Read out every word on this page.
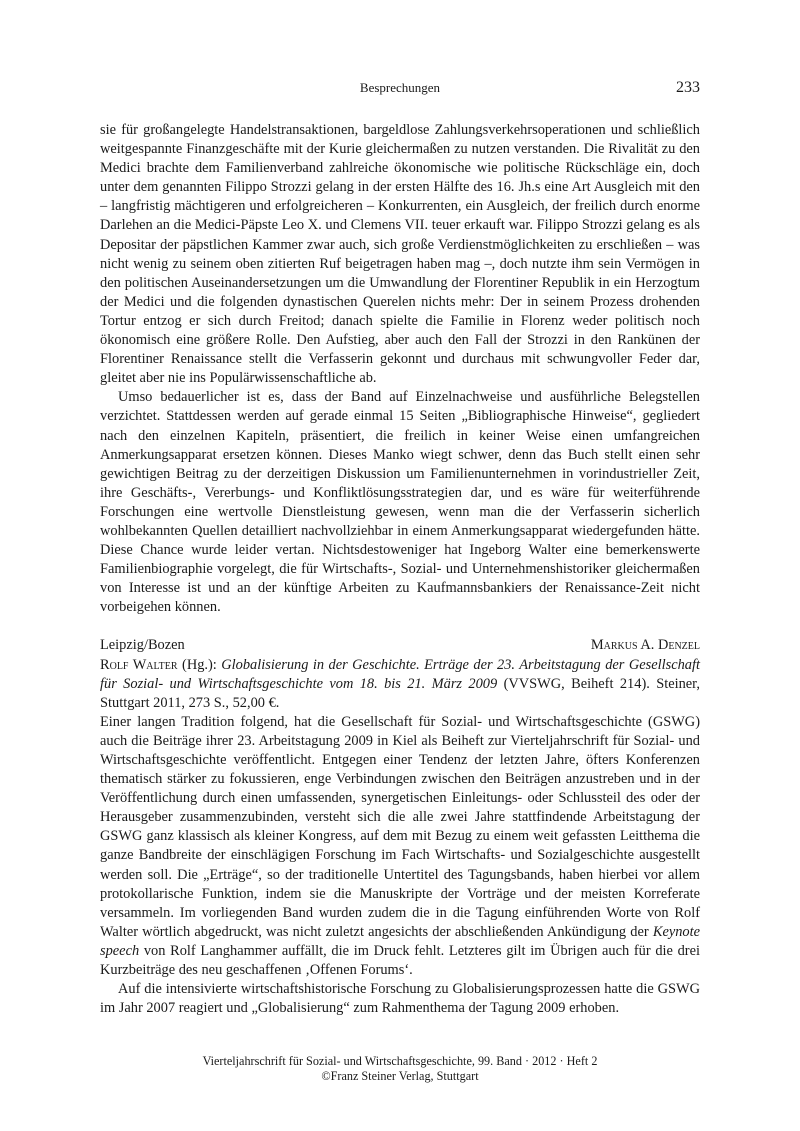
Besprechungen	233

sie für großangelegte Handelstransaktionen, bargeldlose Zahlungsverkehrsoperationen und schließlich weitgespannte Finanzgeschäfte mit der Kurie gleichermaßen zu nutzen verstanden. Die Rivalität zu den Medici brachte dem Familienverband zahlreiche ökonomische wie politische Rückschläge ein, doch unter dem genannten Filippo Strozzi gelang in der ersten Hälfte des 16. Jh.s eine Art Ausgleich mit den – langfristig mächtigeren und erfolgreicheren – Konkurrenten, ein Ausgleich, der freilich durch enorme Darlehen an die Medici-Päpste Leo X. und Clemens VII. teuer erkauft war. Filippo Strozzi gelang es als Depositar der päpstlichen Kammer zwar auch, sich große Verdienstmöglichkeiten zu erschließen – was nicht wenig zu seinem oben zitierten Ruf beigetragen haben mag –, doch nutzte ihm sein Vermögen in den politischen Auseinandersetzungen um die Umwandlung der Florentiner Republik in ein Herzogtum der Medici und die folgenden dynastischen Querelen nichts mehr: Der in seinem Prozess drohenden Tortur entzog er sich durch Freitod; danach spielte die Familie in Florenz weder politisch noch ökonomisch eine größere Rolle. Den Aufstieg, aber auch den Fall der Strozzi in den Rankünen der Florentiner Renaissance stellt die Verfasserin gekonnt und durchaus mit schwungvoller Feder dar, gleitet aber nie ins Populärwissenschaftliche ab.

Umso bedauerlicher ist es, dass der Band auf Einzelnachweise und ausführliche Belegstellen verzichtet. Stattdessen werden auf gerade einmal 15 Seiten „Bibliographische Hinweise“, gegliedert nach den einzelnen Kapiteln, präsentiert, die freilich in keiner Weise einen umfangreichen Anmerkungsapparat ersetzen können. Dieses Manko wiegt schwer, denn das Buch stellt einen sehr gewichtigen Beitrag zu der derzeitigen Diskussion um Familienunternehmen in vorindustrieller Zeit, ihre Geschäfts-, Vererbungs- und Konfliktlösungsstrategien dar, und es wäre für weiterführende Forschungen eine wertvolle Dienstleistung gewesen, wenn man die der Verfasserin sicherlich wohlbekannten Quellen detailliert nachvollziehbar in einem Anmerkungsapparat wiedergefunden hätte. Diese Chance wurde leider vertan. Nichtsdestoweniger hat Ingeborg Walter eine bemerkenswerte Familienbiographie vorgelegt, die für Wirtschafts-, Sozial- und Unternehmenshistoriker gleichermaßen von Interesse ist und an der künftige Arbeiten zu Kaufmannsbankiers der Renaissance-Zeit nicht vorbeigehen können.

Leipzig/Bozen	Markus A. Denzel

Rolf Walter (Hg.): Globalisierung in der Geschichte. Erträge der 23. Arbeitstagung der Gesellschaft für Sozial- und Wirtschaftsgeschichte vom 18. bis 21. März 2009 (VVSWG, Beiheft 214). Steiner, Stuttgart 2011, 273 S., 52,00 €.

Einer langen Tradition folgend, hat die Gesellschaft für Sozial- und Wirtschaftsgeschichte (GSWG) auch die Beiträge ihrer 23. Arbeitstagung 2009 in Kiel als Beiheft zur Vierteljahrschrift für Sozial- und Wirtschaftsgeschichte veröffentlicht. Entgegen einer Tendenz der letzten Jahre, öfters Konferenzen thematisch stärker zu fokussieren, enge Verbindungen zwischen den Beiträgen anzustreben und in der Veröffentlichung durch einen umfassenden, synergetischen Einleitungs- oder Schlussteil des oder der Herausgeber zusammenzubinden, versteht sich die alle zwei Jahre stattfindende Arbeitstagung der GSWG ganz klassisch als kleiner Kongress, auf dem mit Bezug zu einem weit gefassten Leitthema die ganze Bandbreite der einschlägigen Forschung im Fach Wirtschafts- und Sozialgeschichte ausgestellt werden soll. Die „Erträge“, so der traditionelle Untertitel des Tagungsbands, haben hierbei vor allem protokollarische Funktion, indem sie die Manuskripte der Vorträge und der meisten Korreferate versammeln. Im vorliegenden Band wurden zudem die in die Tagung einführenden Worte von Rolf Walter wörtlich abgedruckt, was nicht zuletzt angesichts der abschließenden Ankündigung der Keynote speech von Rolf Langhammer auffällt, die im Druck fehlt. Letzteres gilt im Übrigen auch für die drei Kurzbeiträge des neu geschaffenen ‚Offenen Forums‘.

Auf die intensivierte wirtschaftshistorische Forschung zu Globalisierungsprozessen hatte die GSWG im Jahr 2007 reagiert und „Globalisierung“ zum Rahmenthema der Tagung 2009 erhoben.

Vierteljahrschrift für Sozial- und Wirtschaftsgeschichte, 99. Band · 2012 · Heft 2
©Franz Steiner Verlag, Stuttgart
